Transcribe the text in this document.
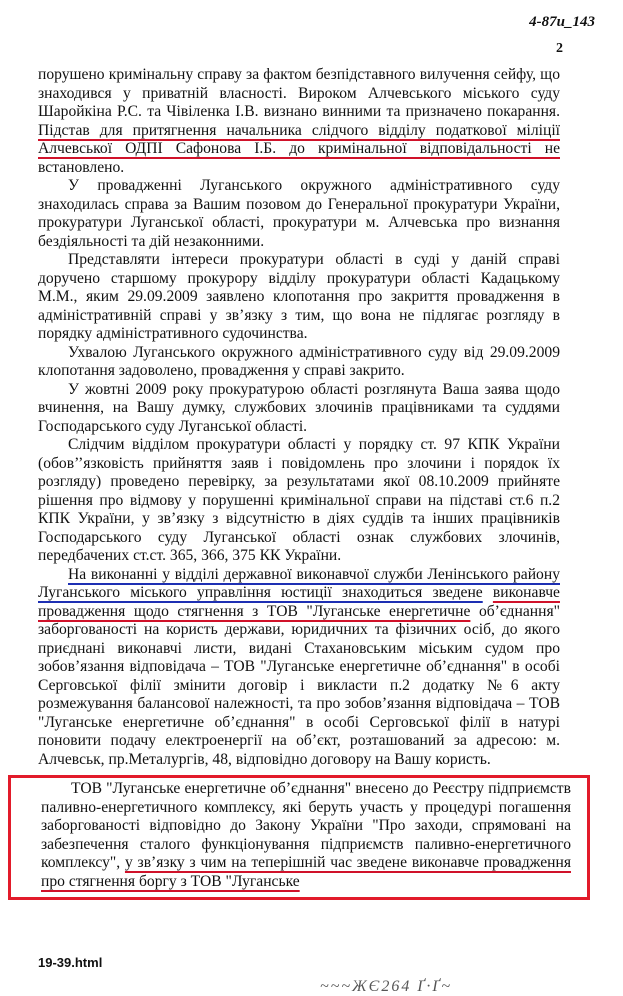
4-87и_143
2

порушено кримінальну справу за фактом безпідставного вилучення сейфу, що знаходився у приватній власності. Вироком Алчевського міського суду Шаройкіна Р.С. та Чівіленка І.В. визнано винними та призначено покарання. Підстав для притягнення начальника слідчого відділу податкової міліції Алчевської ОДПІ Сафонова І.Б. до кримінальної відповідальності не встановлено.

У провадженні Луганського окружного адміністративного суду знаходилась справа за Вашим позовом до Генеральної прокуратури України, прокуратури Луганської області, прокуратури м. Алчевська про визнання бездіяльності та дій незаконними.

Представляти інтереси прокуратури області в суді у даній справі доручено старшому прокурору відділу прокуратури області Кадацькому М.М., яким 29.09.2009 заявлено клопотання про закриття провадження в адміністративній справі у зв’язку з тим, що вона не підлягає розгляду в порядку адміністративного судочинства.

Ухвалою Луганського окружного адміністративного суду від 29.09.2009 клопотання задоволено, провадження у справі закрито.

У жовтні 2009 року прокуратурою області розглянута Ваша заява щодо вчинення, на Вашу думку, службових злочинів працівниками та суддями Господарського суду Луганської області.

Слідчим відділом прокуратури області у порядку ст. 97 КПК України (обов’’язковість прийняття заяв і повідомлень про злочини і порядок їх розгляду) проведено перевірку, за результатами якої 08.10.2009 прийняте рішення про відмову у порушенні кримінальної справи на підставі ст.6 п.2 КПК України, у зв’язку з відсутністю в діях суддів та інших працівників Господарського суду Луганської області ознак службових злочинів, передбачених ст.ст. 365, 366, 375 КК України.

На виконанні у відділі державної виконавчої служби Ленінського району Луганського міського управління юстиції знаходиться зведене виконавче провадження щодо стягнення з ТОВ "Луганське енергетичне об’єднання" заборгованості на користь держави, юридичних та фізичних осіб, до якого приєднані виконавчі листи, видані Стахановським міським судом про зобов’язання відповідача – ТОВ "Луганське енергетичне об’єднання" в особі Серговської філії змінити договір і викласти п.2 додатку №6 акту розмежування балансової належності, та про зобов’язання відповідача – ТОВ "Луганське енергетичне об’єднання" в особі Серговської філії в натурі поновити подачу електроенергії на об’єкт, розташований за адресою: м. Алчевськ, пр.Металургів, 48, відповідно договору на Вашу користь.

ТОВ "Луганське енергетичне об’єднання" внесено до Реєстру підприємств паливно-енергетичного комплексу, які беруть участь у процедурі погашення заборгованості відповідно до Закону України "Про заходи, спрямовані на забезпечення сталого функціонування підприємств паливно-енергетичного комплексу", у зв’язку з чим на теперішній час зведене виконавче провадження про стягнення боргу з ТОВ "Луганське

19-39.html
~~~ЖЄ264 Ґ·Ґ~
